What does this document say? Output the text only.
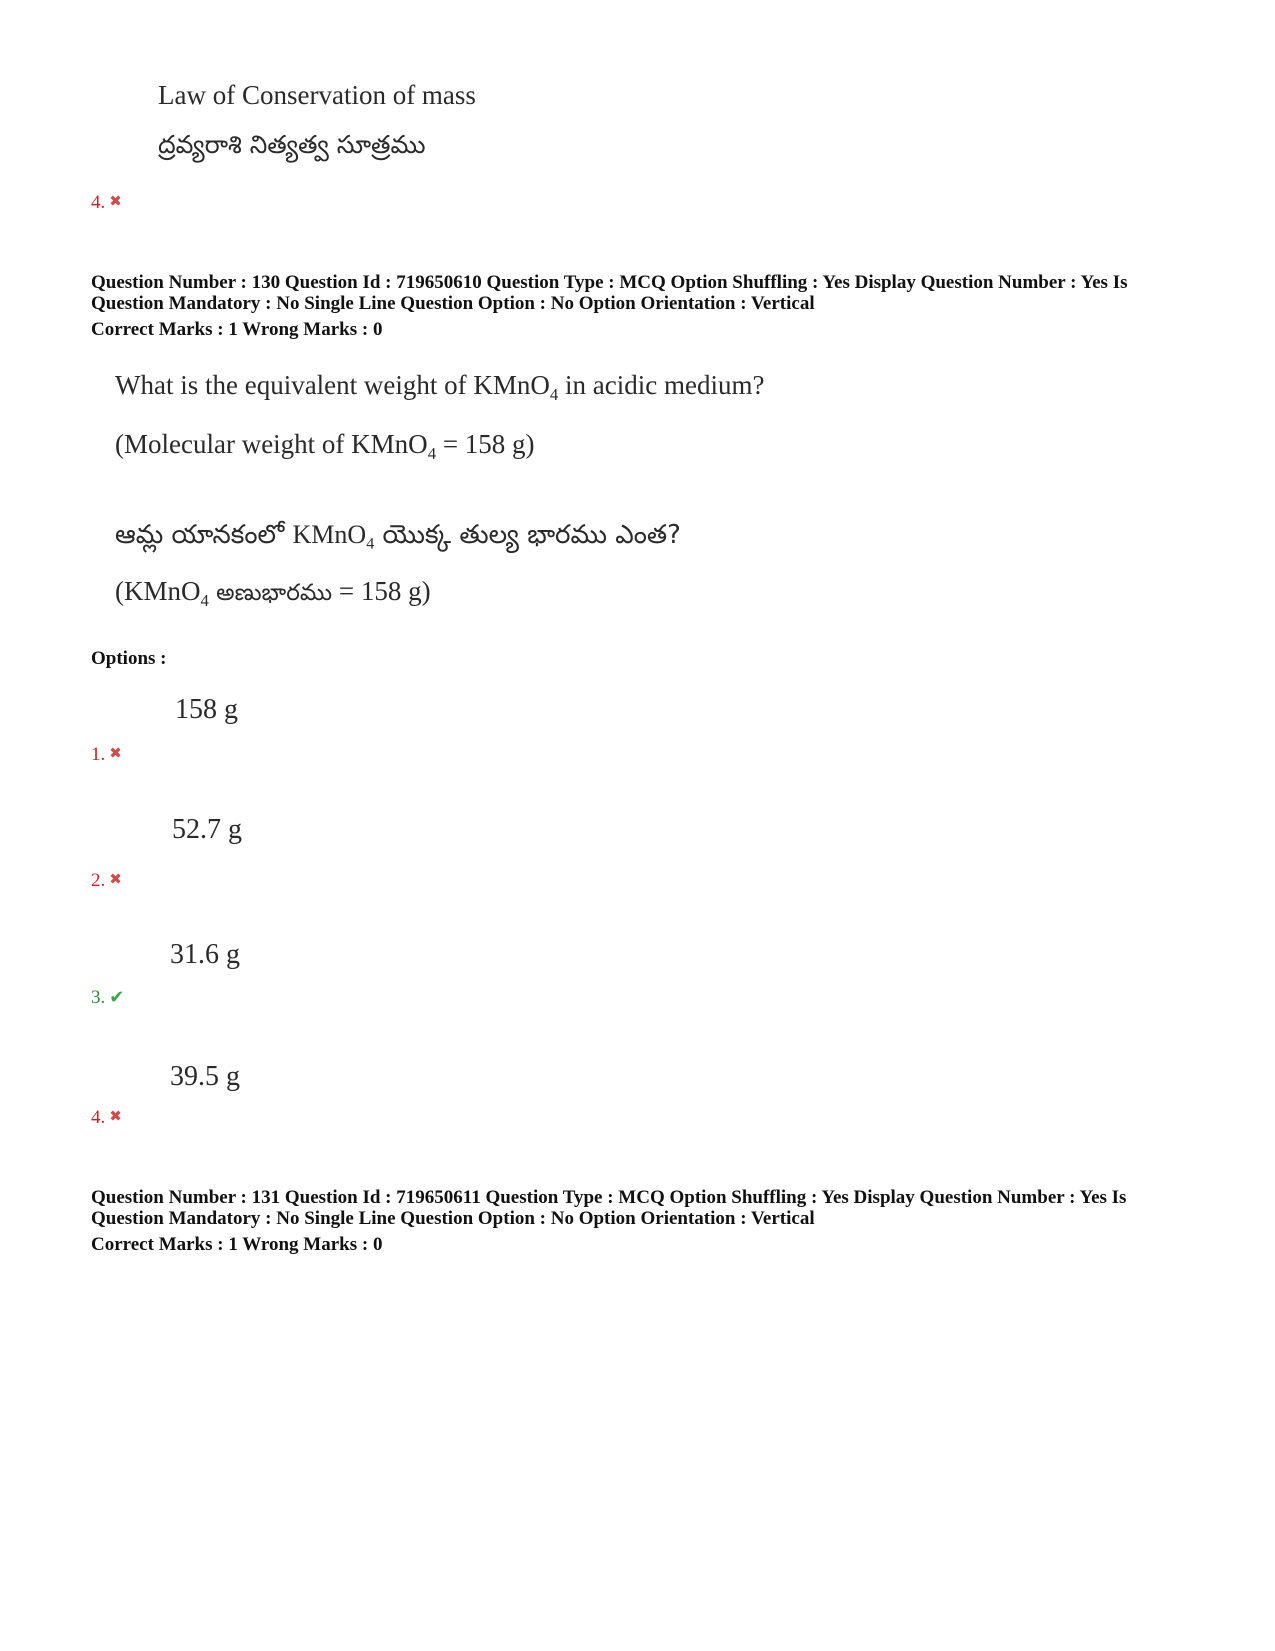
Law of Conservation of mass
ద్రవ్యరాశి నిత్యత్వ సూత్రము
4. ✖
Question Number : 130 Question Id : 719650610 Question Type : MCQ Option Shuffling : Yes Display Question Number : Yes Is
Question Mandatory : No Single Line Question Option : No Option Orientation : Vertical
Correct Marks : 1 Wrong Marks : 0
What is the equivalent weight of KMnO$_4$ in acidic medium?
(Molecular weight of KMnO$_4$ = 158 g)
ఆమ్ల యానకంలో KMnO$_4$ యొక్క తుల్య భారము ఎంత?
(KMnO$_4$ అణుభారము = 158 g)
Options :
158 g
1. ✖
52.7 g
2. ✖
31.6 g
3. ✔
39.5 g
4. ✖
Question Number : 131 Question Id : 719650611 Question Type : MCQ Option Shuffling : Yes Display Question Number : Yes Is
Question Mandatory : No Single Line Question Option : No Option Orientation : Vertical
Correct Marks : 1 Wrong Marks : 0
